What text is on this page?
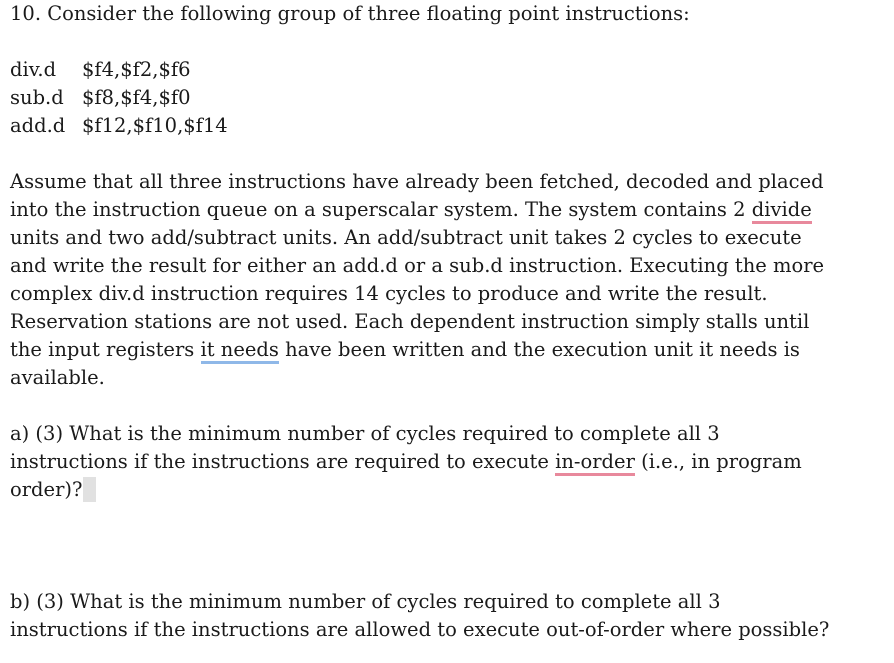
10. Consider the following group of three floating point instructions:
div.d $f4,$f2,$f6
sub.d $f8,$f4,$f0
add.d $f12,$f10,$f14
Assume that all three instructions have already been fetched, decoded and placed
into the instruction queue on a superscalar system. The system contains 2 divide
units and two add/subtract units. An add/subtract unit takes 2 cycles to execute
and write the result for either an add.d or a sub.d instruction. Executing the more
complex div.d instruction requires 14 cycles to produce and write the result.
Reservation stations are not used. Each dependent instruction simply stalls until
the input registers it needs have been written and the execution unit it needs is
available.
a) (3) What is the minimum number of cycles required to complete all 3
instructions if the instructions are required to execute in-order (i.e., in program
order)?
b) (3) What is the minimum number of cycles required to complete all 3
instructions if the instructions are allowed to execute out-of-order where possible?
